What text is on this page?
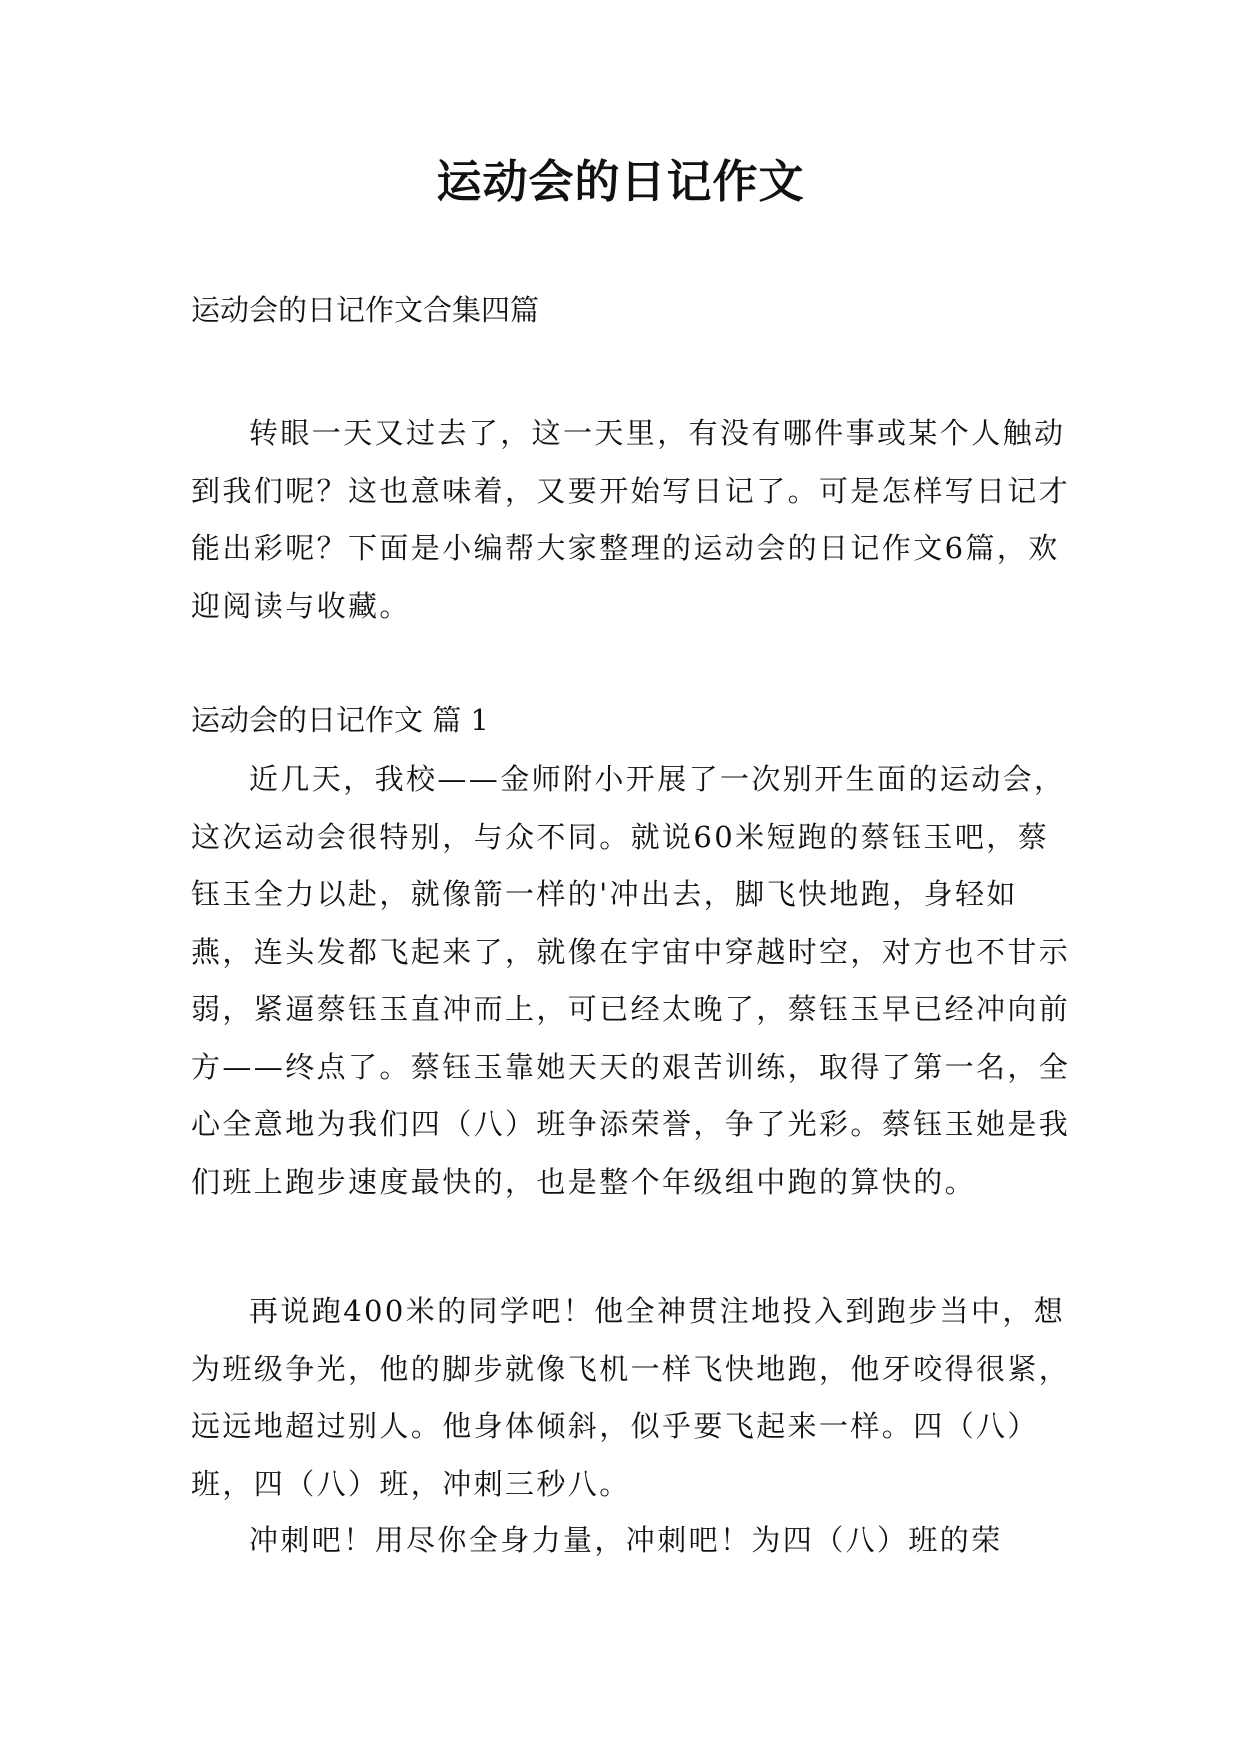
运动会的日记作文

运动会的日记作文合集四篇

转眼一天又过去了，这一天里，有没有哪件事或某个人触动到我们呢？这也意味着，又要开始写日记了。可是怎样写日记才能出彩呢？下面是小编帮大家整理的运动会的日记作文6篇，欢迎阅读与收藏。

运动会的日记作文 篇 1

近几天，我校——金师附小开展了一次别开生面的运动会，这次运动会很特别，与众不同。就说60米短跑的蔡钰玉吧，蔡钰玉全力以赴，就像箭一样的'冲出去，脚飞快地跑，身轻如燕，连头发都飞起来了，就像在宇宙中穿越时空，对方也不甘示弱，紧逼蔡钰玉直冲而上，可已经太晚了，蔡钰玉早已经冲向前方——终点了。蔡钰玉靠她天天的艰苦训练，取得了第一名，全心全意地为我们四（八）班争添荣誉，争了光彩。蔡钰玉她是我们班上跑步速度最快的，也是整个年级组中跑的算快的。

再说跑400米的同学吧！他全神贯注地投入到跑步当中，想为班级争光，他的脚步就像飞机一样飞快地跑，他牙咬得很紧，远远地超过别人。他身体倾斜，似乎要飞起来一样。四（八）班，四（八）班，冲刺三秒八。

冲刺吧！用尽你全身力量，冲刺吧！为四（八）班的荣
